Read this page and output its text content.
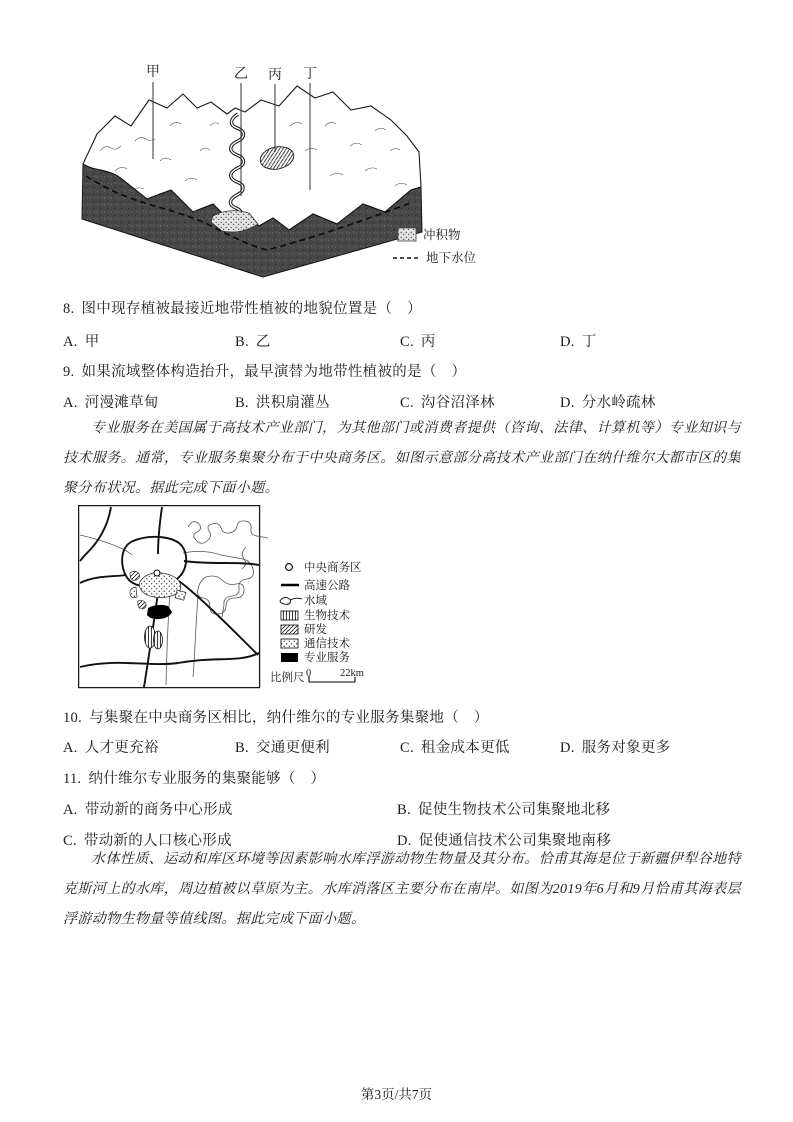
甲	乙 丙 丁
冲积物
地下水位
8. 图中现存植被最接近地带性植被的地貌位置是（　）
A. 甲	B. 乙	C. 丙	D. 丁
9. 如果流域整体构造抬升，最早演替为地带性植被的是（　）
A. 河漫滩草甸	B. 洪积扇灌丛	C. 沟谷沼泽林	D. 分水岭疏林
专业服务在美国属于高技术产业部门，为其他部门或消费者提供（咨询、法律、计算机等）专业知识与技术服务。通常，专业服务集聚分布于中央商务区。如图示意部分高技术产业部门在纳什维尔大都市区的集聚分布状况。据此完成下面小题。
中央商务区
高速公路
水域
生物技术
研发
通信技术
专业服务
比例尺 0	22km
10. 与集聚在中央商务区相比，纳什维尔的专业服务集聚地（　）
A. 人才更充裕	B. 交通更便利	C. 租金成本更低	D. 服务对象更多
11. 纳什维尔专业服务的集聚能够（　）
A. 带动新的商务中心形成	B. 促使生物技术公司集聚地北移
C. 带动新的人口核心形成	D. 促使通信技术公司集聚地南移
水体性质、运动和库区环境等因素影响水库浮游动物生物量及其分布。恰甫其海是位于新疆伊犁谷地特克斯河上的水库，周边植被以草原为主。水库消落区主要分布在南岸。如图为2019年6月和9月恰甫其海表层浮游动物生物量等值线图。据此完成下面小题。
第3页/共7页
